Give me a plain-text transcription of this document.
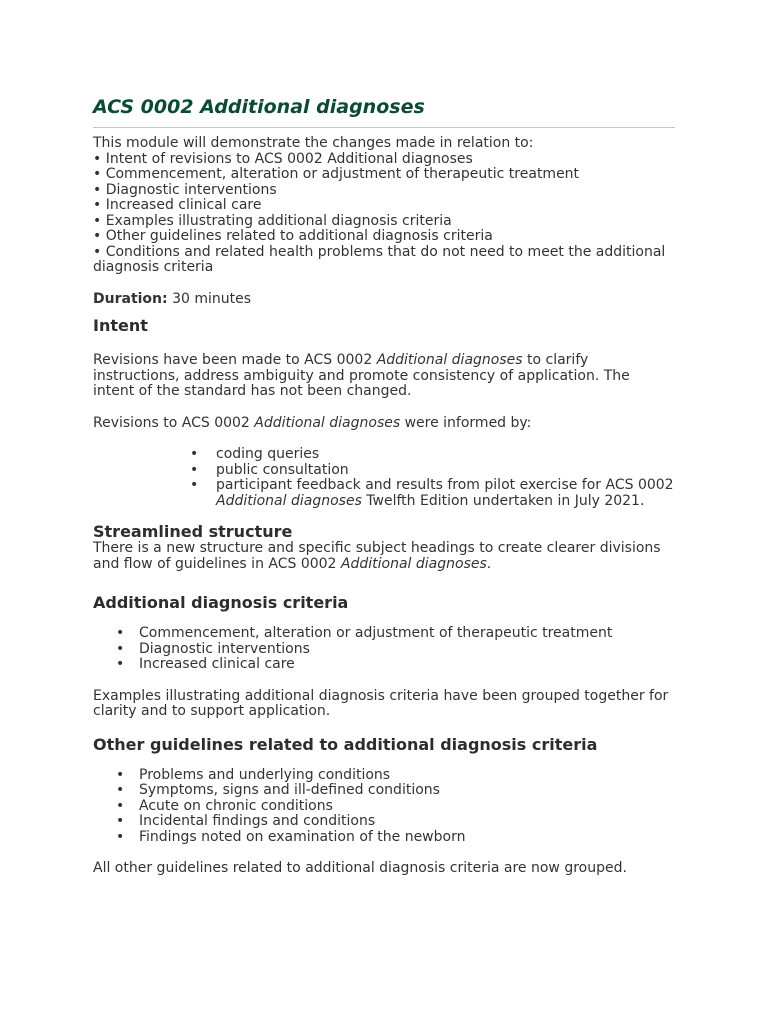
ACS 0002 Additional diagnoses

This module will demonstrate the changes made in relation to:

• Intent of revisions to ACS 0002 Additional diagnoses

• Commencement, alteration or adjustment of therapeutic treatment

• Diagnostic interventions

• Increased clinical care

• Examples illustrating additional diagnosis criteria

• Other guidelines related to additional diagnosis criteria

• Conditions and related health problems that do not need to meet the additional diagnosis criteria

Duration: 30 minutes

Intent

Revisions have been made to ACS 0002 Additional diagnoses to clarify instructions, address ambiguity and promote consistency of application. The intent of the standard has not been changed.

Revisions to ACS 0002 Additional diagnoses were informed by:

• coding queries
• public consultation
• participant feedback and results from pilot exercise for ACS 0002 Additional diagnoses Twelfth Edition undertaken in July 2021.
Streamlined structure

There is a new structure and specific subject headings to create clearer divisions and flow of guidelines in ACS 0002 Additional diagnoses.

Additional diagnosis criteria
• Commencement, alteration or adjustment of therapeutic treatment
• Diagnostic interventions
• Increased clinical care

Examples illustrating additional diagnosis criteria have been grouped together for clarity and to support application.

Other guidelines related to additional diagnosis criteria
• Problems and underlying conditions
• Symptoms, signs and ill-defined conditions
• Acute on chronic conditions
• Incidental findings and conditions
• Findings noted on examination of the newborn

All other guidelines related to additional diagnosis criteria are now grouped.
